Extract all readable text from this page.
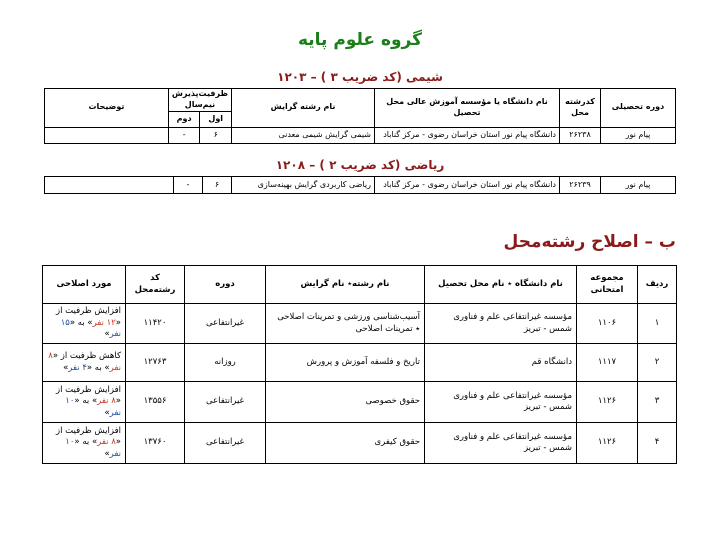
گروه علوم پایه
۱۲۰۳ – شیمی (کد ضریب ۳ )
دوره تحصیلی	کدرشته محل	نام دانشگاه یا مؤسسه آموزش عالی محل تحصیل	نام رشته گرایش	ظرفیت‌پذیرش نیم‌سال		توضیحات
				اول	دوم	
پیام نور	۲۶۲۳۸	دانشگاه پیام نور استان خراسان رضوی - مرکز گناباد	شیمی گرایش شیمی معدنی	۶	-	
۱۲۰۸ – ریاضی (کد ضریب ۲ )
پیام نور	۲۶۲۳۹	دانشگاه پیام نور استان خراسان رضوی - مرکز گناباد	ریاضی کاربردی گرایش بهینه‌سازی	۶	-	
ب – اصلاح رشته‌محل
ردیف	مجموعه امتحانی	نام دانشگاه ٭ نام محل تحصیل	نام رشته٭ نام گرایش	دوره	کد رشته‌محل	مورد اصلاحی
۱	۱۱۰۶	مؤسسه غیرانتفاعی علم و فناوری شمس - تبریز	آسیب‌شناسی ورزشی و تمرینات اصلاحی ٭ تمرینات اصلاحی	غیرانتفاعی	۱۱۴۲۰	افزایش ظرفیت از «۱۲ نفر» به «۱۵ نفر»
۲	۱۱۱۷	دانشگاه قم	تاریخ و فلسفه آموزش و پرورش	روزانه	۱۲۷۶۳	کاهش ظرفیت از «۸ نفر» به «۴ نفر»
۳	۱۱۲۶	مؤسسه غیرانتفاعی علم و فناوری شمس - تبریز	حقوق خصوصی	غیرانتفاعی	۱۳۵۵۶	افزایش ظرفیت از «۸ نفر» به «۱۰ نفر»
۴	۱۱۲۶	مؤسسه غیرانتفاعی علم و فناوری شمس - تبریز	حقوق کیفری	غیرانتفاعی	۱۳۷۶۰	افزایش ظرفیت از «۸ نفر» به «۱۰ نفر»
